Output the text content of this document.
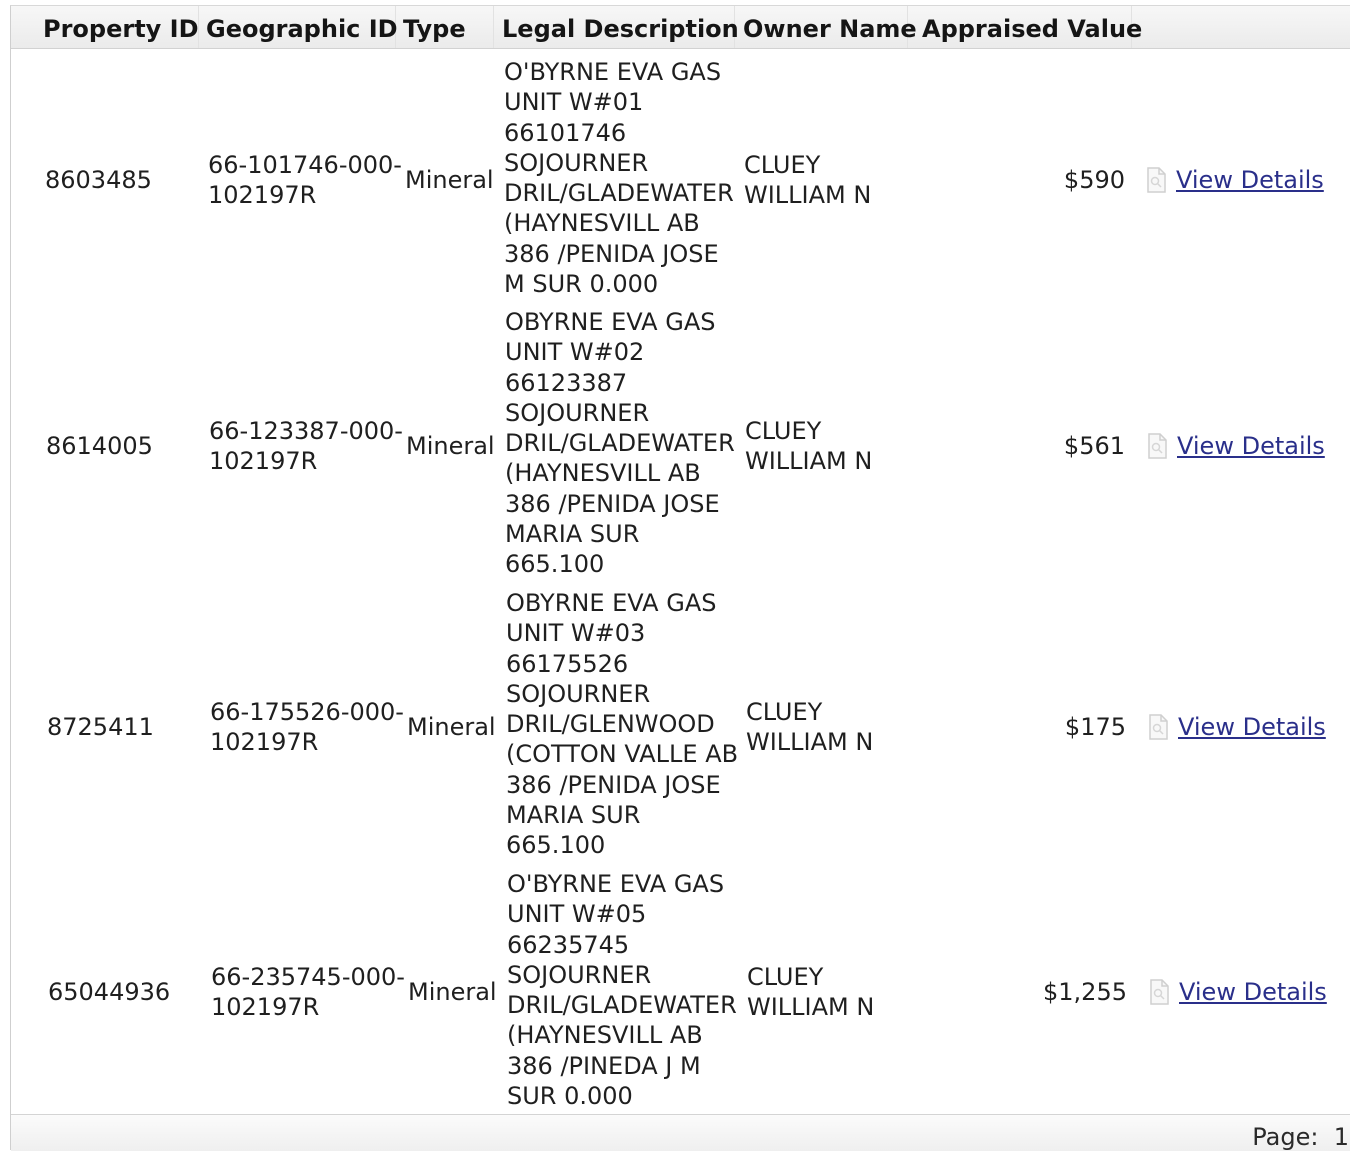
Property ID Geographic ID Type	Legal Description Owner Name Appraised Value
8603485
66-101746-000-
102197R
Mineral
O'BYRNE EVA GAS
UNIT W#01
66101746
SOJOURNER
DRIL/GLADEWATER
(HAYNESVILL AB
386 /PENIDA JOSE
M SUR 0.000
CLUEY
WILLIAM N
$590 View Details
8614005
66-123387-000-
102197R
Mineral
OBYRNE EVA GAS
UNIT W#02
66123387
SOJOURNER
DRIL/GLADEWATER
(HAYNESVILL AB
386 /PENIDA JOSE
MARIA SUR
665.100
CLUEY
WILLIAM N
$561 View Details
8725411
66-175526-000-
102197R
Mineral
OBYRNE EVA GAS
UNIT W#03
66175526
SOJOURNER
DRIL/GLENWOOD
(COTTON VALLE AB
386 /PENIDA JOSE
MARIA SUR
665.100
CLUEY
WILLIAM N
$175 View Details
65044936
66-235745-000-
102197R
Mineral
O'BYRNE EVA GAS
UNIT W#05
66235745
SOJOURNER
DRIL/GLADEWATER
(HAYNESVILL AB
386 /PINEDA J M
SUR 0.000
CLUEY
WILLIAM N
$1,255 View Details
Page: 1
